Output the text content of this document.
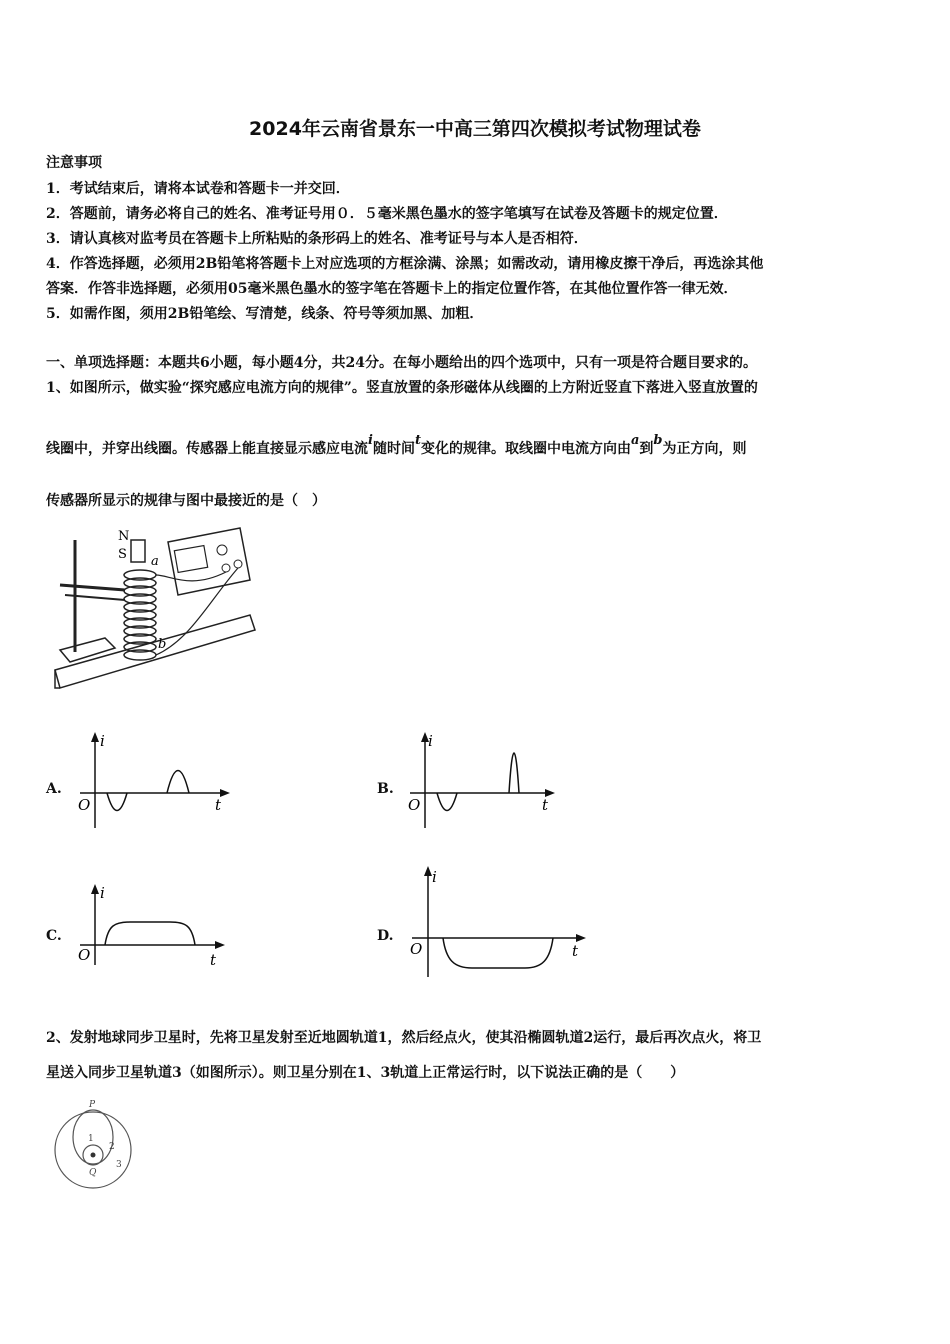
2024年云南省景东一中高三第四次模拟考试物理试卷
注意事项
1．考试结束后，请将本试卷和答题卡一并交回．
2．答题前，请务必将自己的姓名、准考证号用０．５毫米黑色墨水的签字笔填写在试卷及答题卡的规定位置．
3．请认真核对监考员在答题卡上所粘贴的条形码上的姓名、准考证号与本人是否相符．
4．作答选择题，必须用2B铅笔将答题卡上对应选项的方框涂满、涂黑；如需改动，请用橡皮擦干净后，再选涂其他
答案．作答非选择题，必须用05毫米黑色墨水的签字笔在答题卡上的指定位置作答，在其他位置作答一律无效．
5．如需作图，须用2B铅笔绘、写清楚，线条、符号等须加黑、加粗．
一、单项选择题：本题共6小题，每小题4分，共24分。在每小题给出的四个选项中，只有一项是符合题目要求的。
1、如图所示，做实验“探究感应电流方向的规律”。竖直放置的条形磁体从线圈的上方附近竖直下落进入竖直放置的
线圈中，并穿出线圈。传感器上能直接显示感应电流i随时间t变化的规律。取线圈中电流方向由a到b为正方向，则
传感器所显示的规律与图中最接近的是（　）
N
S a
b
A.
i
t
O
B.
i
t
O
C.
i
t
O
D.
i
t
O
2、发射地球同步卫星时，先将卫星发射至近地圆轨道1，然后经点火，使其沿椭圆轨道2运行，最后再次点火，将卫
星送入同步卫星轨道3（如图所示）。则卫星分别在1、3轨道上正常运行时，以下说法正确的是（　　）
P
Q
1
2
3
